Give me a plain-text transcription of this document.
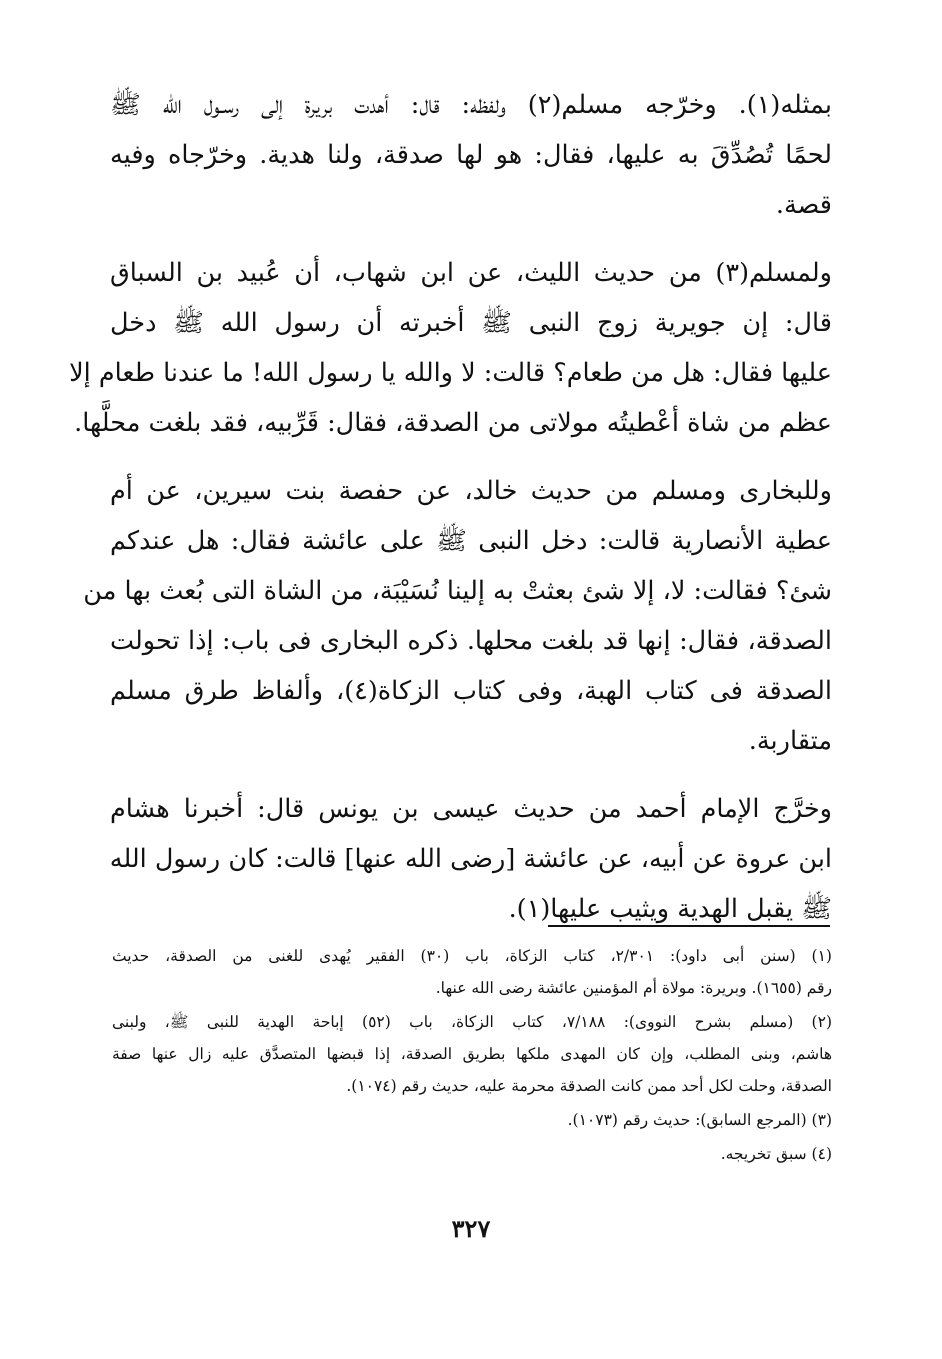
بمثله(١). وخرّجه مسلم(٢) ولفظه: قال: أهدت بريرة إلى رسـول الله ﷺ
لحمًا تُصُدِّقَ به عليها، فقال: هو لها صدقة، ولنا هدية. وخرّجاه وفيه
قصة.

ولمسلم(٣) من حديث الليث، عن ابن شهاب، أن عُبيد بن السباق
قال: إن جويرية زوج النبى ﷺ أخبرته أن رسول الله ﷺ دخل
عليها فقال: هل من طعام؟ قالت: لا والله يا رسول الله! ما عندنا طعام إلا
عظم من شاة أعْطيتُه مولاتى من الصدقة، فقال: قَرِّبيه، فقد بلغت محلَّها.

وللبخارى ومسلم من حديث خالد، عن حفصة بنت سيرين، عن أم
عطية الأنصارية قالت: دخل النبى ﷺ على عائشة فقال: هل عندكم
شئ؟ فقالت: لا، إلا شئ بعثتْ به إلينا نُسَيْبَة، من الشاة التى بُعث بها من
الصدقة، فقال: إنها قد بلغت محلها. ذكره البخارى فى باب: إذا تحولت
الصدقة فى كتاب الهبة، وفى كتاب الزكاة(٤)، وألفاظ طرق مسلم
متقاربة.

وخرَّج الإمام أحمد من حديث عيسى بن يونس قال: أخبرنا هشام
ابن عروة عن أبيه، عن عائشة [رضى الله عنها] قالت: كان رسول الله
ﷺ يقبل الهدية ويثيب عليها(١).

(١) (سنن أبى داود): ٢/٣٠١، كتاب الزكاة، باب (٣٠) الفقير يُهدى للغنى من الصدقة، حديث
رقم (١٦٥٥). وبريرة: مولاة أم المؤمنين عائشة رضى الله عنها.
(٢) (مسلم بشرح النووى): ٧/١٨٨، كتاب الزكاة، باب (٥٢) إباحة الهدية للنبى ﷺ، ولبنى
هاشم، وبنى المطلب، وإن كان المهدى ملكها بطريق الصدقة، إذا قبضها المتصدَّق عليه زال عنها صفة
الصدقة، وحلت لكل أحد ممن كانت الصدقة محرمة عليه، حديث رقم (١٠٧٤).
(٣) (المرجع السابق): حديث رقم (١٠٧٣).
(٤) سبق تخريجه.
٣٢٧
